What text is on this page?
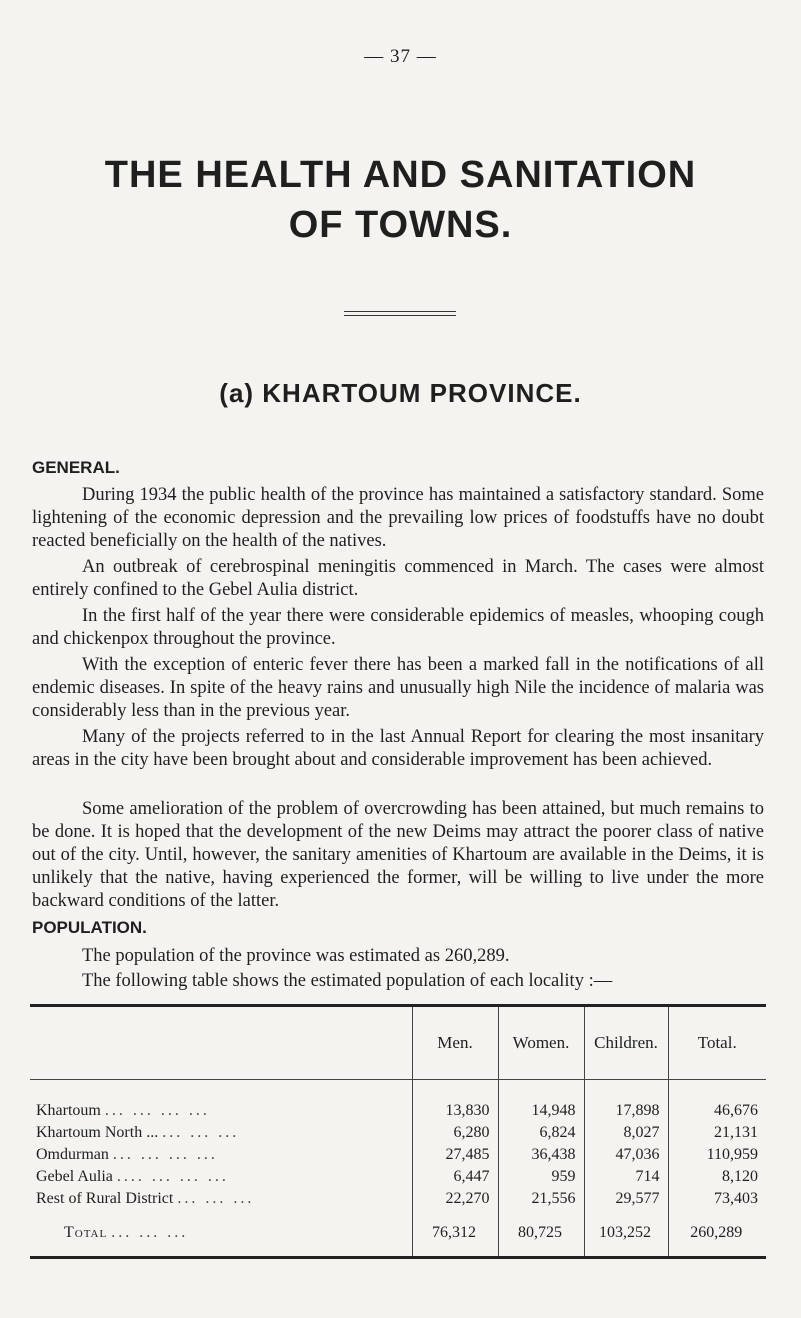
— 37 —
THE HEALTH AND SANITATION
OF TOWNS.
(a) KHARTOUM PROVINCE.
GENERAL.

During 1934 the public health of the province has maintained a satisfactory standard. Some lightening of the economic depression and the prevailing low prices of foodstuffs have no doubt reacted beneficially on the health of the natives.

An outbreak of cerebrospinal meningitis commenced in March. The cases were almost entirely confined to the Gebel Aulia district.

In the first half of the year there were considerable epidemics of measles, whooping cough and chickenpox throughout the province.

With the exception of enteric fever there has been a marked fall in the notifications of all endemic diseases. In spite of the heavy rains and unusually high Nile the incidence of malaria was considerably less than in the previous year.

Many of the projects referred to in the last Annual Report for clearing the most insanitary areas in the city have been brought about and considerable improvement has been achieved.

Some amelioration of the problem of overcrowding has been attained, but much remains to be done. It is hoped that the development of the new Deims may attract the poorer class of native out of the city. Until, however, the sanitary amenities of Khartoum are available in the Deims, it is unlikely that the native, having experienced the former, will be willing to live under the more backward conditions of the latter.

POPULATION.

The population of the province was estimated as 260,289.

The following table shows the estimated population of each locality :—

	Men.	Women.	Children.	Total.
Khartoum ... ... ... ...	13,830	14,948	17,898	46,676
Khartoum North ... ... ... ...	6,280	6,824	8,027	21,131
Omdurman ... ... ... ...	27,485	36,438	47,036	110,959
Gebel Aulia .... ... ... ...	6,447	959	714	8,120
Rest of Rural District ... ... ...	22,270	21,556	29,577	73,403
Total ... ... ...	76,312	80,725	103,252	260,289
